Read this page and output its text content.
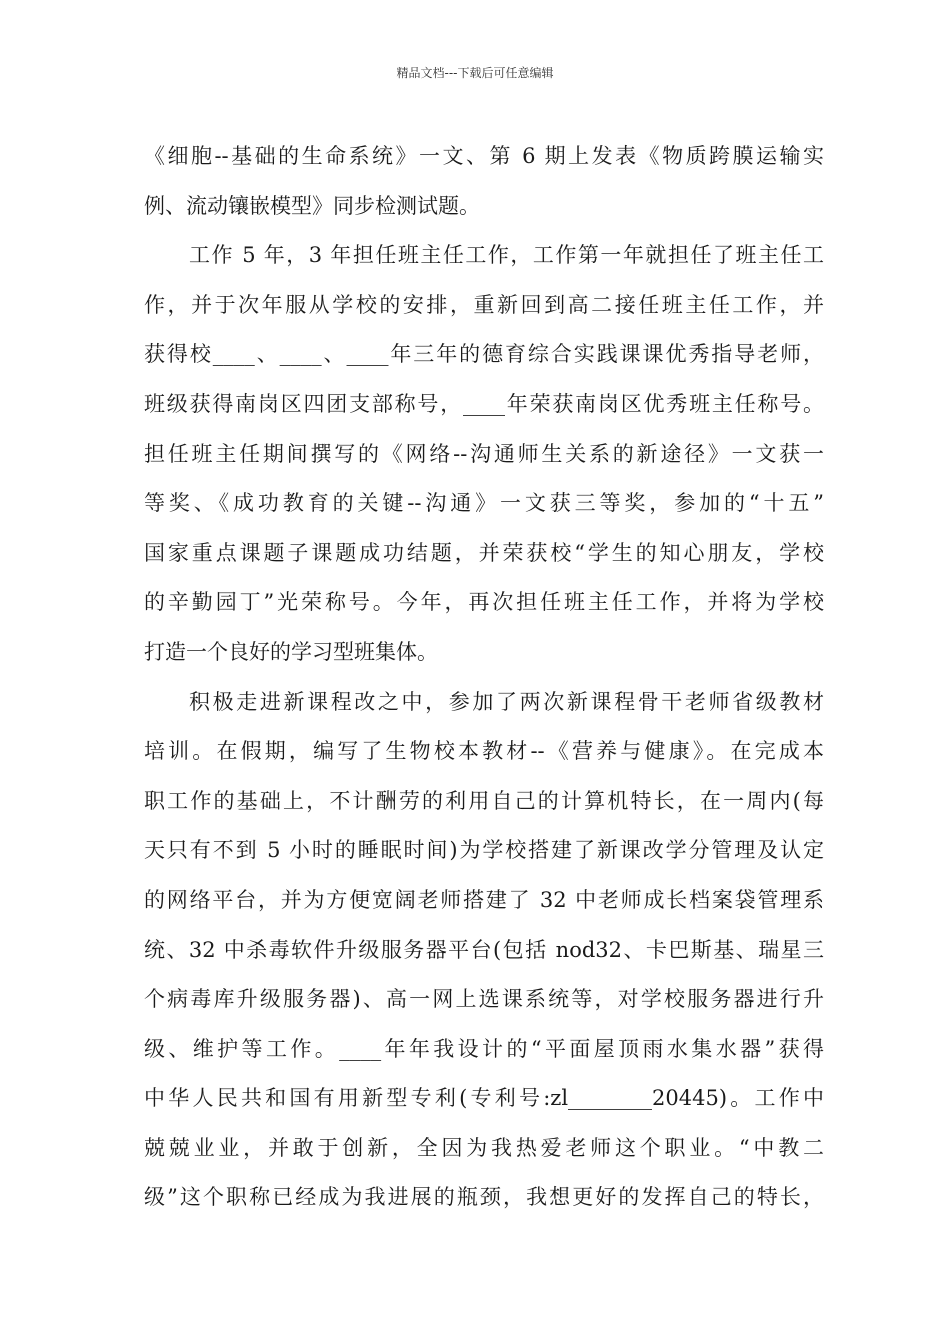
精品文档---下载后可任意编辑
《细胞--基础的生命系统》一文、第 6 期上发表《物质跨膜运输实
例、流动镶嵌模型》同步检测试题。
工作 5 年，3 年担任班主任工作，工作第一年就担任了班主任工
作，并于次年服从学校的安排，重新回到高二接任班主任工作，并
获得校____、____、____年三年的德育综合实践课课优秀指导老师，
班级获得南岗区四团支部称号，____年荣获南岗区优秀班主任称号。
担任班主任期间撰写的《网络--沟通师生关系的新途径》一文获一
等奖、《成功教育的关键--沟通》一文获三等奖，参加的“十五”
国家重点课题子课题成功结题，并荣获校“学生的知心朋友，学校
的辛勤园丁”光荣称号。今年，再次担任班主任工作，并将为学校
打造一个良好的学习型班集体。
积极走进新课程改之中，参加了两次新课程骨干老师省级教材
培训。在假期，编写了生物校本教材--《营养与健康》。在完成本
职工作的基础上，不计酬劳的利用自己的计算机特长，在一周内(每
天只有不到 5 小时的睡眠时间)为学校搭建了新课改学分管理及认定
的网络平台，并为方便宽阔老师搭建了 32 中老师成长档案袋管理系
统、32 中杀毒软件升级服务器平台(包括 nod32、卡巴斯基、瑞星三
个病毒库升级服务器)、高一网上选课系统等，对学校服务器进行升
级、维护等工作。____年年我设计的“平面屋顶雨水集水器”获得
中华人民共和国有用新型专利(专利号:zl________20445)。工作中
兢兢业业，并敢于创新，全因为我热爱老师这个职业。“中教二
级”这个职称已经成为我进展的瓶颈，我想更好的发挥自己的特长，
